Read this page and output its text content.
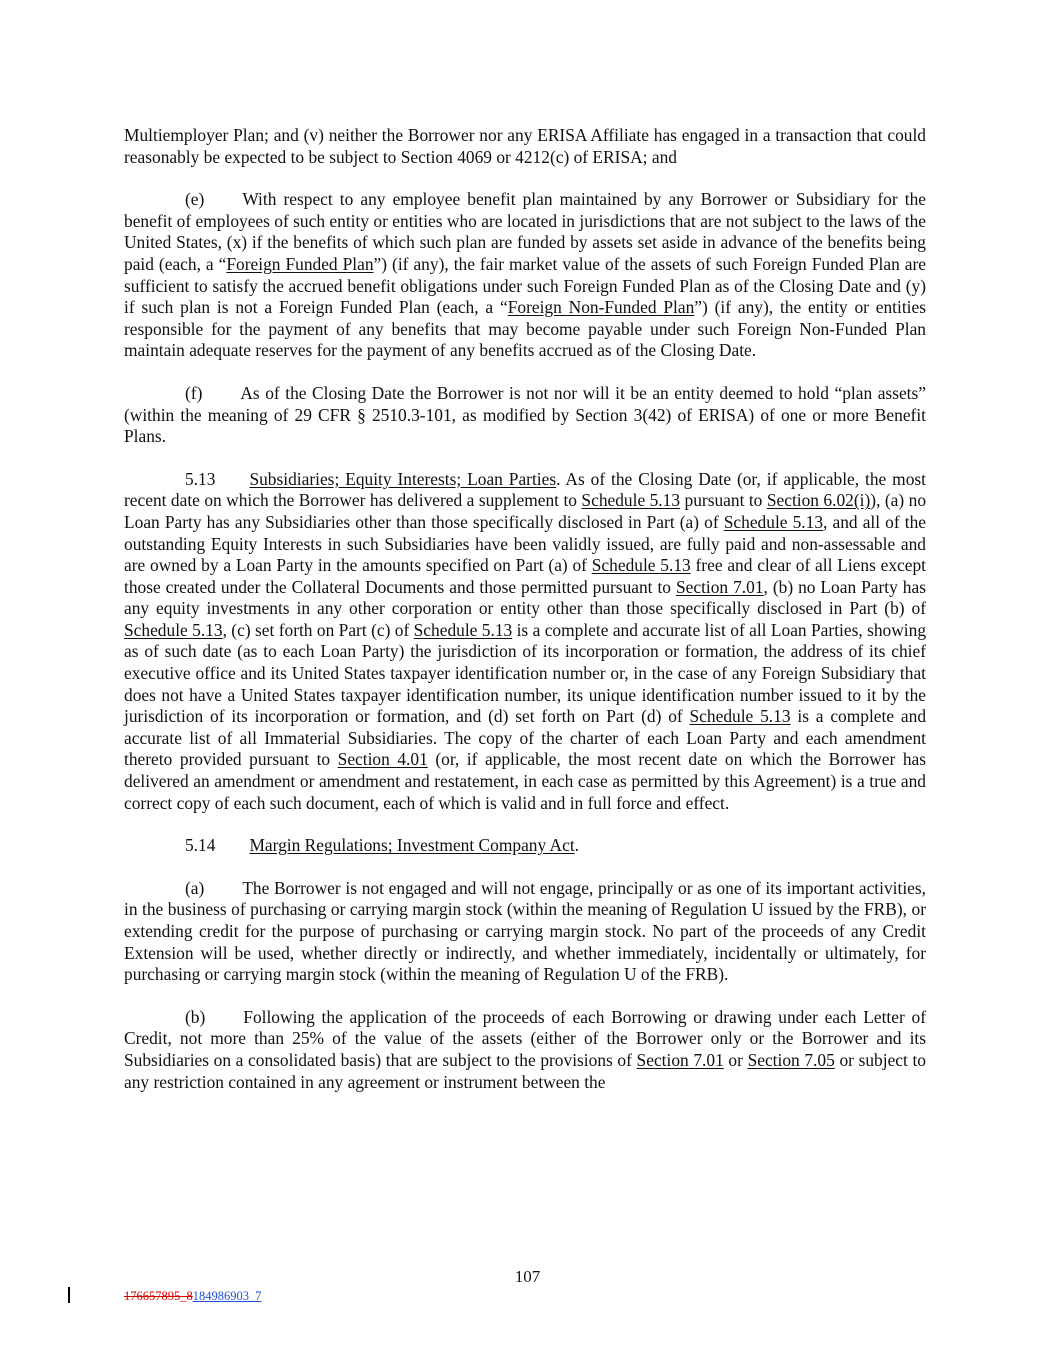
Multiemployer Plan; and (v) neither the Borrower nor any ERISA Affiliate has engaged in a transaction that could reasonably be expected to be subject to Section 4069 or 4212(c) of ERISA; and

(e) With respect to any employee benefit plan maintained by any Borrower or Subsidiary for the benefit of employees of such entity or entities who are located in jurisdictions that are not subject to the laws of the United States, (x) if the benefits of which such plan are funded by assets set aside in advance of the benefits being paid (each, a “Foreign Funded Plan”) (if any), the fair market value of the assets of such Foreign Funded Plan are sufficient to satisfy the accrued benefit obligations under such Foreign Funded Plan as of the Closing Date and (y) if such plan is not a Foreign Funded Plan (each, a “Foreign Non-Funded Plan”) (if any), the entity or entities responsible for the payment of any benefits that may become payable under such Foreign Non-Funded Plan maintain adequate reserves for the payment of any benefits accrued as of the Closing Date.

(f) As of the Closing Date the Borrower is not nor will it be an entity deemed to hold “plan assets” (within the meaning of 29 CFR § 2510.3-101, as modified by Section 3(42) of ERISA) of one or more Benefit Plans.

5.13 Subsidiaries; Equity Interests; Loan Parties. As of the Closing Date (or, if applicable, the most recent date on which the Borrower has delivered a supplement to Schedule 5.13 pursuant to Section 6.02(i)), (a) no Loan Party has any Subsidiaries other than those specifically disclosed in Part (a) of Schedule 5.13, and all of the outstanding Equity Interests in such Subsidiaries have been validly issued, are fully paid and non-assessable and are owned by a Loan Party in the amounts specified on Part (a) of Schedule 5.13 free and clear of all Liens except those created under the Collateral Documents and those permitted pursuant to Section 7.01, (b) no Loan Party has any equity investments in any other corporation or entity other than those specifically disclosed in Part (b) of Schedule 5.13, (c) set forth on Part (c) of Schedule 5.13 is a complete and accurate list of all Loan Parties, showing as of such date (as to each Loan Party) the jurisdiction of its incorporation or formation, the address of its chief executive office and its United States taxpayer identification number or, in the case of any Foreign Subsidiary that does not have a United States taxpayer identification number, its unique identification number issued to it by the jurisdiction of its incorporation or formation, and (d) set forth on Part (d) of Schedule 5.13 is a complete and accurate list of all Immaterial Subsidiaries. The copy of the charter of each Loan Party and each amendment thereto provided pursuant to Section 4.01 (or, if applicable, the most recent date on which the Borrower has delivered an amendment or amendment and restatement, in each case as permitted by this Agreement) is a true and correct copy of each such document, each of which is valid and in full force and effect.

5.14 Margin Regulations; Investment Company Act.

(a) The Borrower is not engaged and will not engage, principally or as one of its important activities, in the business of purchasing or carrying margin stock (within the meaning of Regulation U issued by the FRB), or extending credit for the purpose of purchasing or carrying margin stock. No part of the proceeds of any Credit Extension will be used, whether directly or indirectly, and whether immediately, incidentally or ultimately, for purchasing or carrying margin stock (within the meaning of Regulation U of the FRB).

(b) Following the application of the proceeds of each Borrowing or drawing under each Letter of Credit, not more than 25% of the value of the assets (either of the Borrower only or the Borrower and its Subsidiaries on a consolidated basis) that are subject to the provisions of Section 7.01 or Section 7.05 or subject to any restriction contained in any agreement or instrument between the

107
176657895_8184986903_7
